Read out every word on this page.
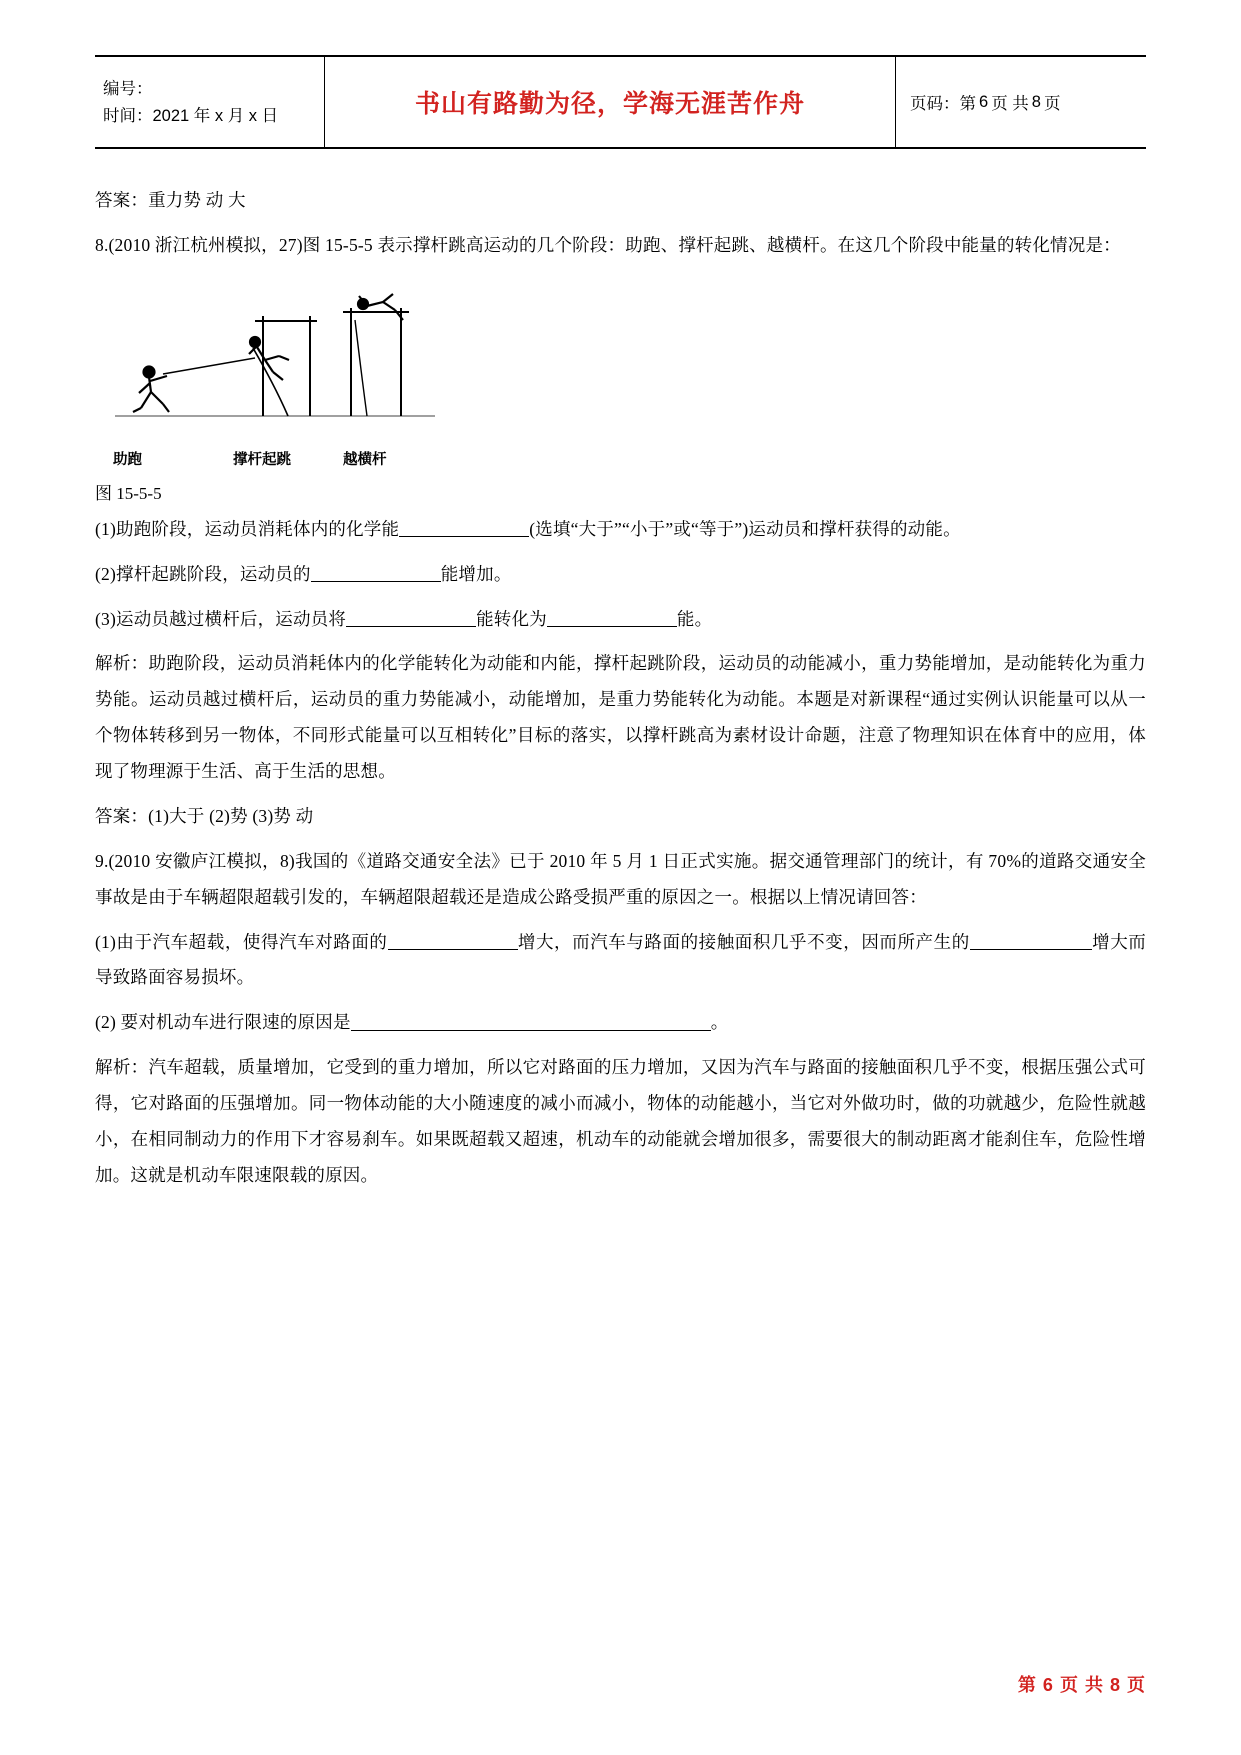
编号：
时间：2021 年 x 月 x 日	书山有路勤为径，学海无涯苦作舟	页码： 第 6 页 共 8 页

答案：重力势 动 大

8.(2010 浙江杭州模拟，27)图 15-5-5 表示撑杆跳高运动的几个阶段：助跑、撑杆起跳、越横杆。在这几个阶段中能量的转化情况是：

助跑	撑杆起跳	越横杆
图 15-5-5

(1)助跑阶段，运动员消耗体内的化学能	(选填“大于”“小于”或“等于”)运动员和撑杆获得的动能。

(2)撑杆起跳阶段，运动员的	能增加。

(3)运动员越过横杆后，运动员将	能转化为	能。

解析：助跑阶段，运动员消耗体内的化学能转化为动能和内能，撑杆起跳阶段，运动员的动能减小，重力势能增加，是动能转化为重力势能。运动员越过横杆后，运动员的重力势能减小，动能增加，是重力势能转化为动能。本题是对新课程“通过实例认识能量可以从一个物体转移到另一物体，不同形式能量可以互相转化”目标的落实，以撑杆跳高为素材设计命题，注意了物理知识在体育中的应用，体现了物理源于生活、高于生活的思想。

答案：(1)大于 (2)势 (3)势 动

9.(2010 安徽庐江模拟，8)我国的《道路交通安全法》已于 2010 年 5 月 1 日正式实施。据交通管理部门的统计，有 70%的道路交通安全事故是由于车辆超限超载引发的，车辆超限超载还是造成公路受损严重的原因之一。根据以上情况请回答：

(1)由于汽车超载，使得汽车对路面的	增大，而汽车与路面的接触面积几乎不变，因而所产生的	增大而导致路面容易损坏。

(2) 要对机动车进行限速的原因是	。

解析：汽车超载，质量增加，它受到的重力增加，所以它对路面的压力增加，又因为汽车与路面的接触面积几乎不变，根据压强公式可得，它对路面的压强增加。同一物体动能的大小随速度的减小而减小，物体的动能越小，当它对外做功时，做的功就越少，危险性就越小，在相同制动力的作用下才容易刹车。如果既超载又超速，机动车的动能就会增加很多，需要很大的制动距离才能刹住车，危险性增加。这就是机动车限速限载的原因。

第 6 页 共 8 页
